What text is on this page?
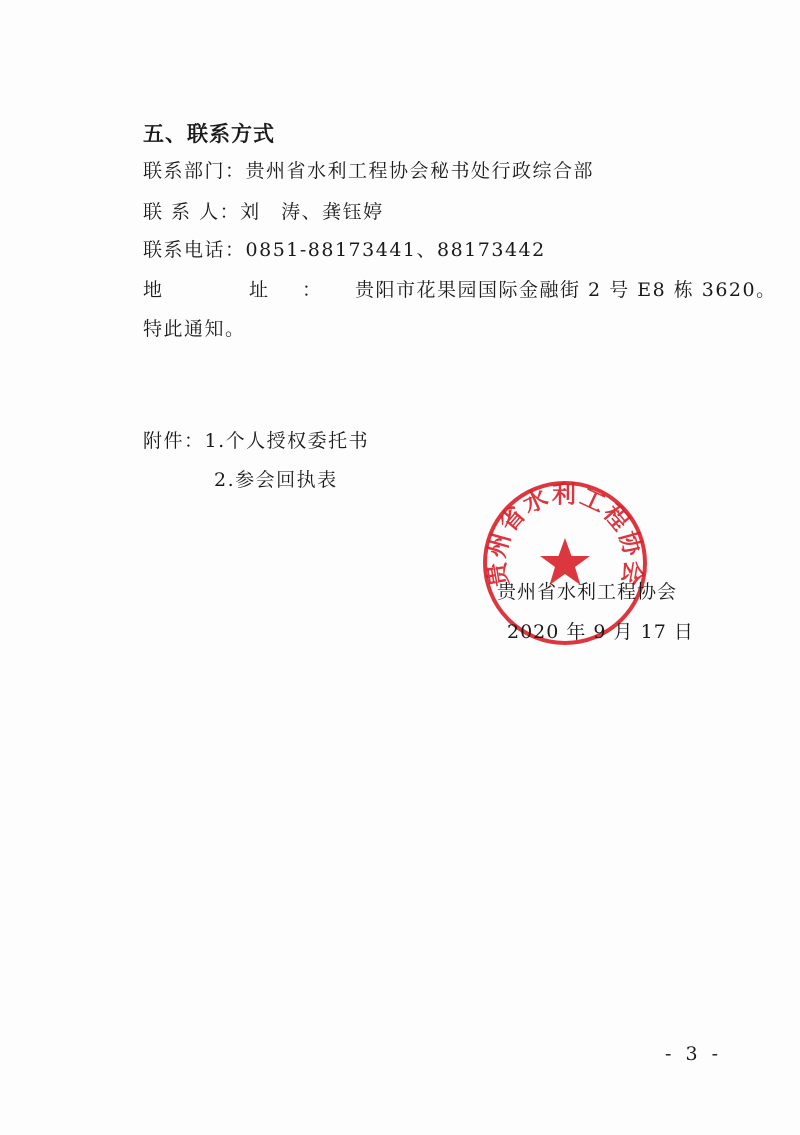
五、联系方式
联系部门：贵州省水利工程协会秘书处行政综合部
联 系 人：刘　涛、龚钰婷
联系电话：0851-88173441、88173442
地　址：贵阳市花果园国际金融街 2 号 E8 栋 3620。
特此通知。
附件：1.个人授权委托书
2.参会回执表
贵州省水利工程协会
贵州省水利工程协会
2020 年 9 月 17 日
- 3 -
